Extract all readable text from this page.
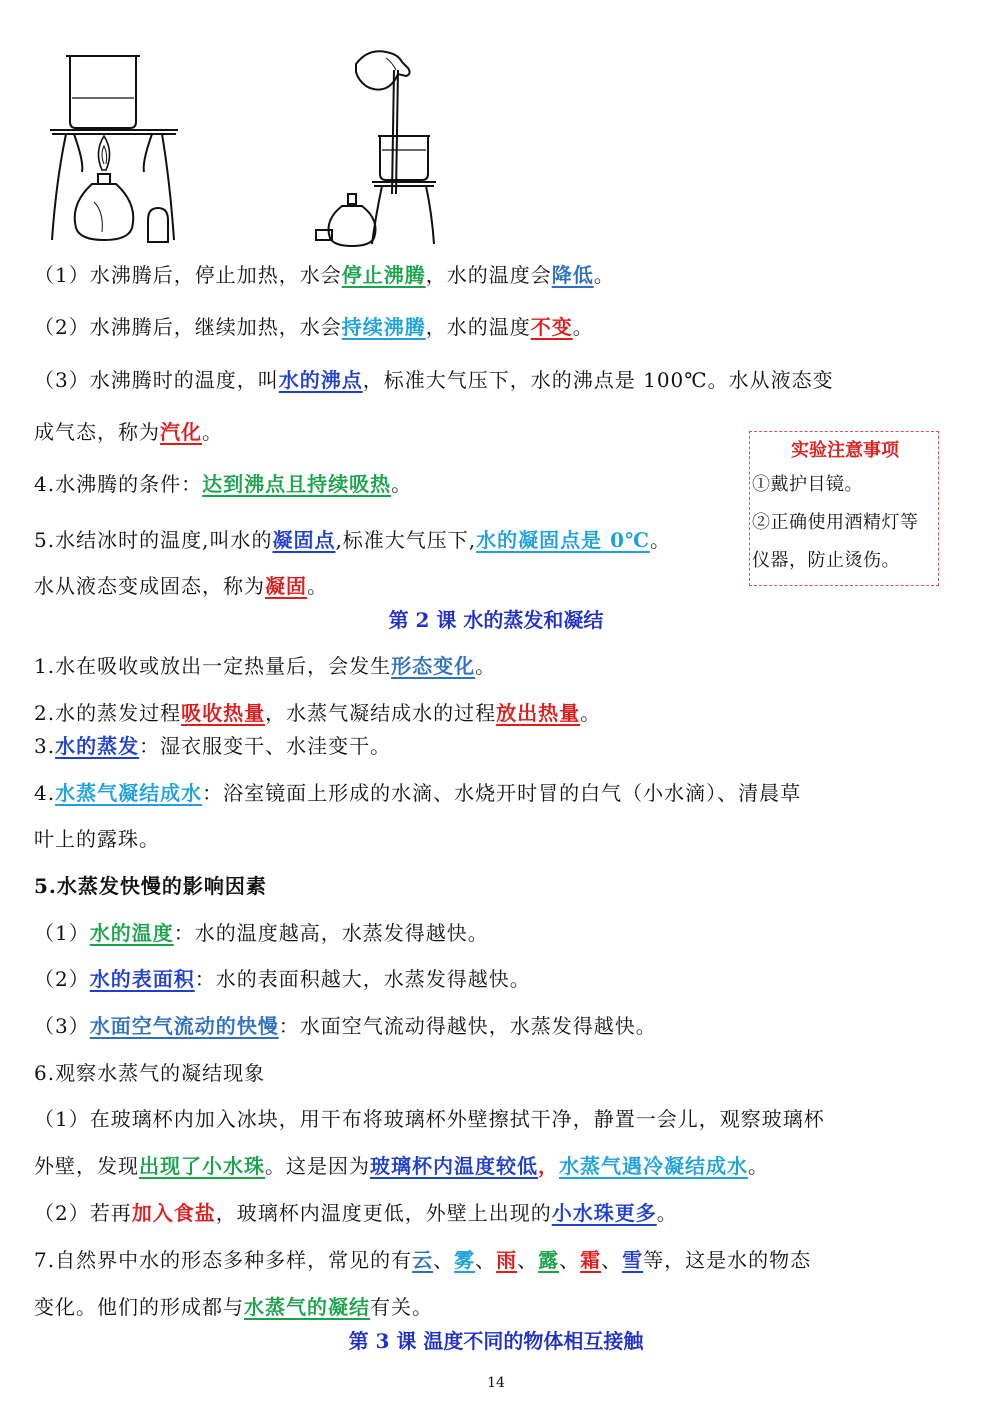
（1）水沸腾后，停止加热，水会停止沸腾，水的温度会降低。
（2）水沸腾后，继续加热，水会持续沸腾，水的温度不变。
（3）水沸腾时的温度，叫水的沸点，标准大气压下，水的沸点是 100℃。水从液态变
成气态，称为汽化。
4.水沸腾的条件：达到沸点且持续吸热。
5.水结冰时的温度,叫水的凝固点,标准大气压下,水的凝固点是 0℃。
水从液态变成固态，称为凝固。
实验注意事项
①戴护目镜。
②正确使用酒精灯等
仪器，防止烫伤。
第 2 课 水的蒸发和凝结
1.水在吸收或放出一定热量后，会发生形态变化。
2.水的蒸发过程吸收热量，水蒸气凝结成水的过程放出热量。
3.水的蒸发：湿衣服变干、水洼变干。
4.水蒸气凝结成水：浴室镜面上形成的水滴、水烧开时冒的白气（小水滴）、清晨草
叶上的露珠。
5.水蒸发快慢的影响因素
（1）水的温度：水的温度越高，水蒸发得越快。
（2）水的表面积：水的表面积越大，水蒸发得越快。
（3）水面空气流动的快慢：水面空气流动得越快，水蒸发得越快。
6.观察水蒸气的凝结现象
（1）在玻璃杯内加入冰块，用干布将玻璃杯外壁擦拭干净，静置一会儿，观察玻璃杯
外壁，发现出现了小水珠。这是因为玻璃杯内温度较低，水蒸气遇冷凝结成水。
（2）若再加入食盐，玻璃杯内温度更低，外壁上出现的小水珠更多。
7.自然界中水的形态多种多样，常见的有云、雾、雨、露、霜、雪等，这是水的物态
变化。他们的形成都与水蒸气的凝结有关。
第 3 课 温度不同的物体相互接触
14
